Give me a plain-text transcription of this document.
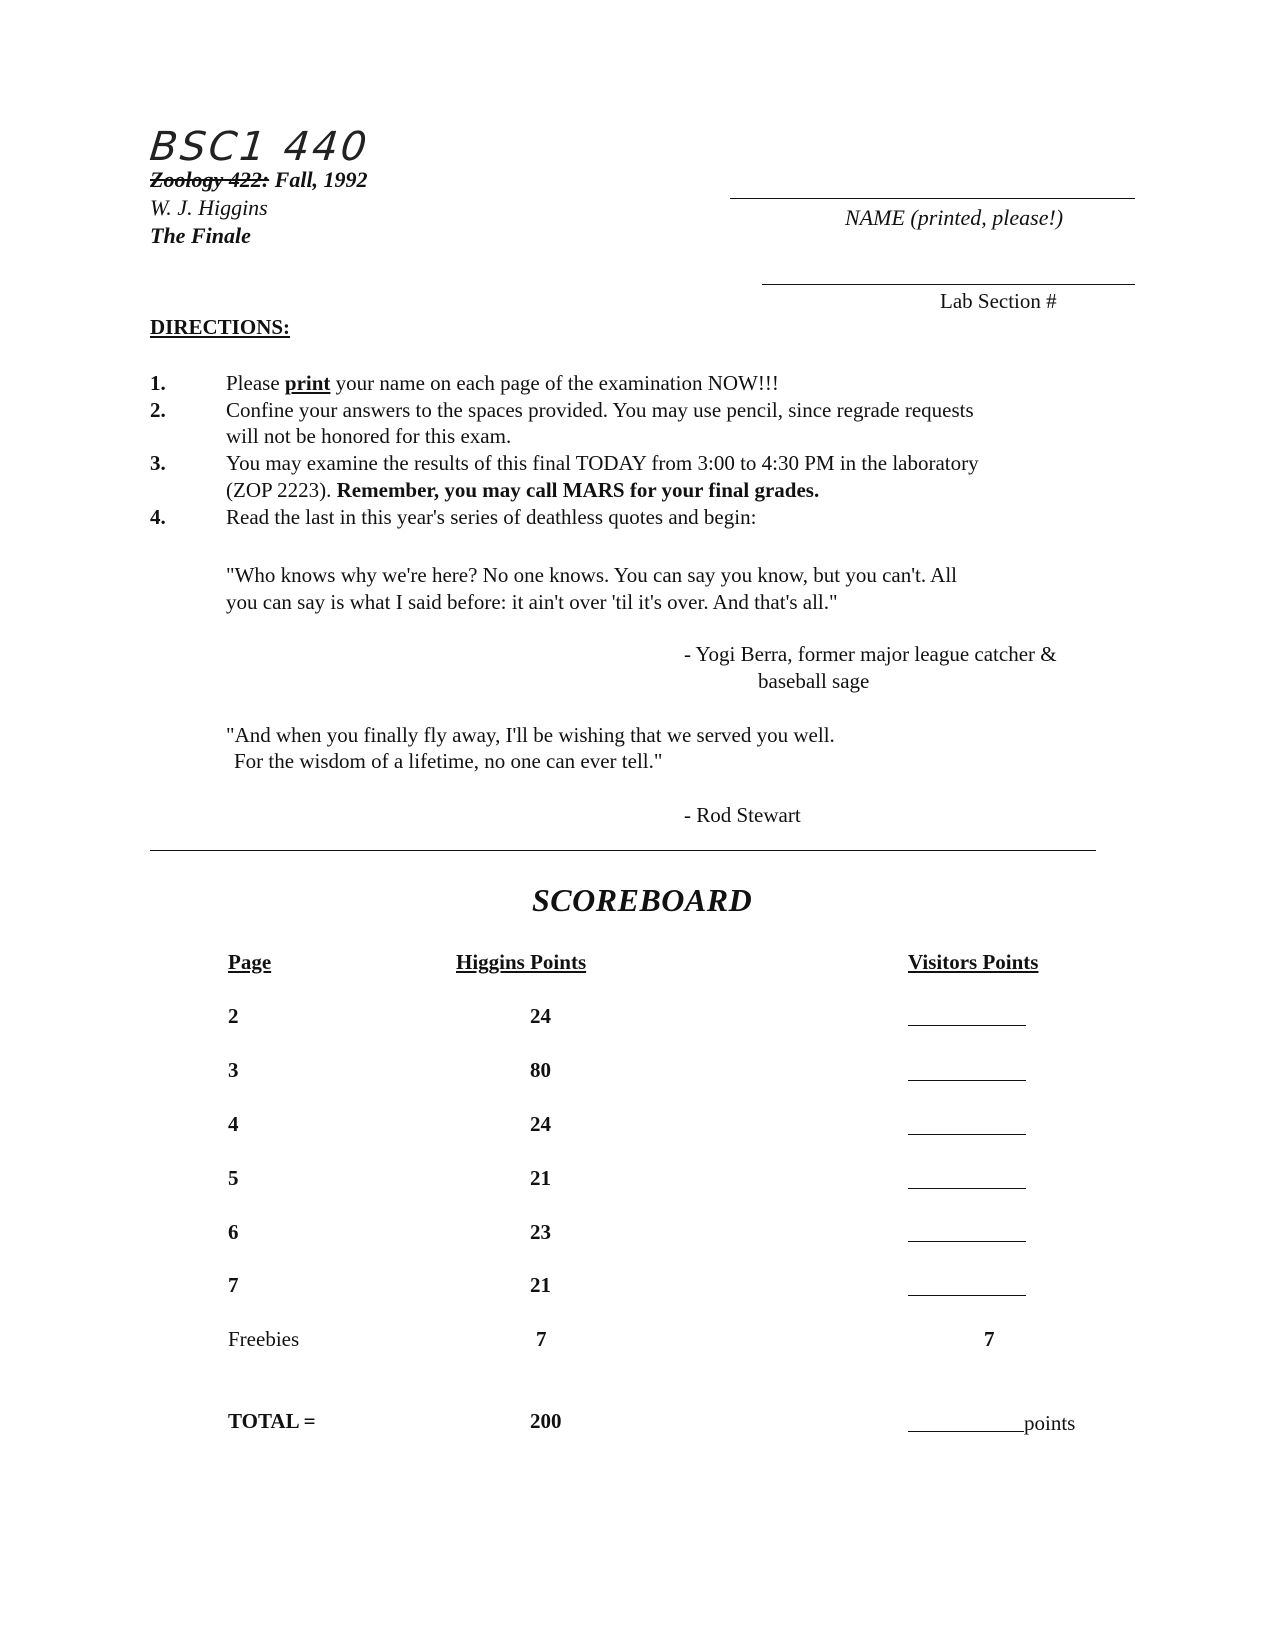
BSC1 440
Zoology 422: Fall, 1992
W. J. Higgins
The Finale
NAME (printed, please!)
Lab Section #
DIRECTIONS:
1.	Please print your name on each page of the examination NOW!!!
2.	Confine your answers to the spaces provided. You may use pencil, since regrade requests
will not be honored for this exam.
3.	You may examine the results of this final TODAY from 3:00 to 4:30 PM in the laboratory
(ZOP 2223). Remember, you may call MARS for your final grades.
4.	Read the last in this year's series of deathless quotes and begin:
"Who knows why we're here? No one knows. You can say you know, but you can't. All
you can say is what I said before: it ain't over 'til it's over. And that's all."
- Yogi Berra, former major league catcher &
baseball sage
"And when you finally fly away, I'll be wishing that we served you well.
For the wisdom of a lifetime, no one can ever tell."
- Rod Stewart
SCOREBOARD
Page	Higgins Points	Visitors Points
2	24
3	80
4	24
5	21
6	23
7	21
Freebies	7	7
TOTAL =	200	points
